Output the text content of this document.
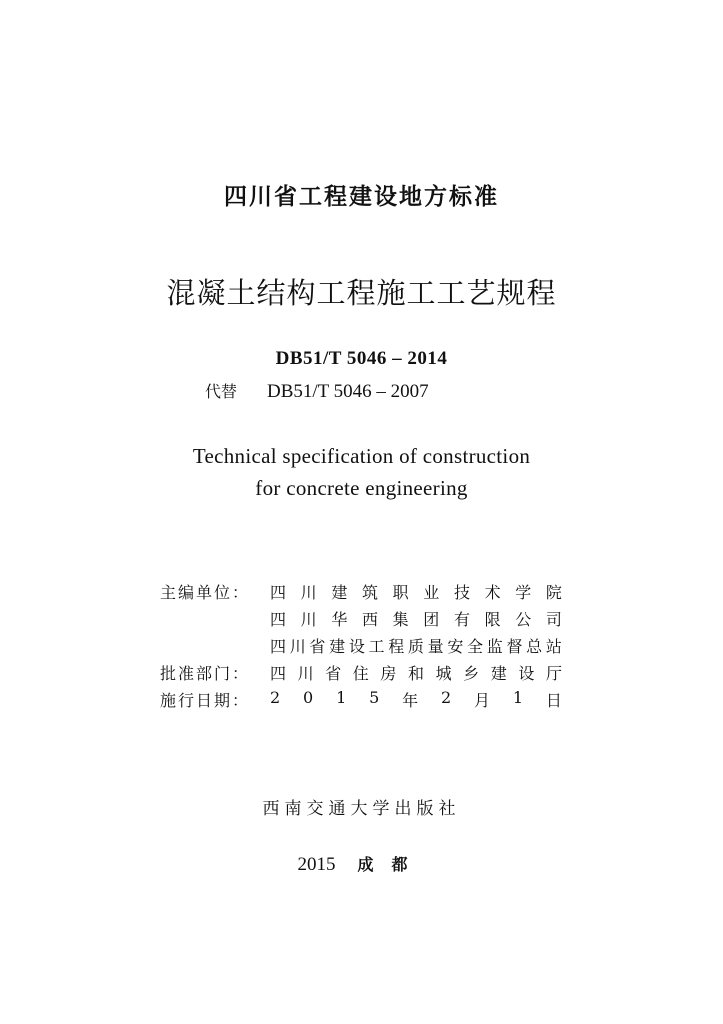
四川省工程建设地方标准
混凝土结构工程施工工艺规程
DB51/T 5046 – 2014
代替 DB51/T 5046 – 2007
Technical specification of construction
for concrete engineering
主编单位： 四 川 建 筑 职 业 技 术 学 院
四 川 华 西 集 团 有 限 公 司
四 川 省 建 设 工 程 质 量 安 全 监 督 总 站
批准部门： 四 川 省 住 房 和 城 乡 建 设 厅
施行日期： 2 0 1 5 年 2 月 1 日
西南交通大学出版社
2015 成都
